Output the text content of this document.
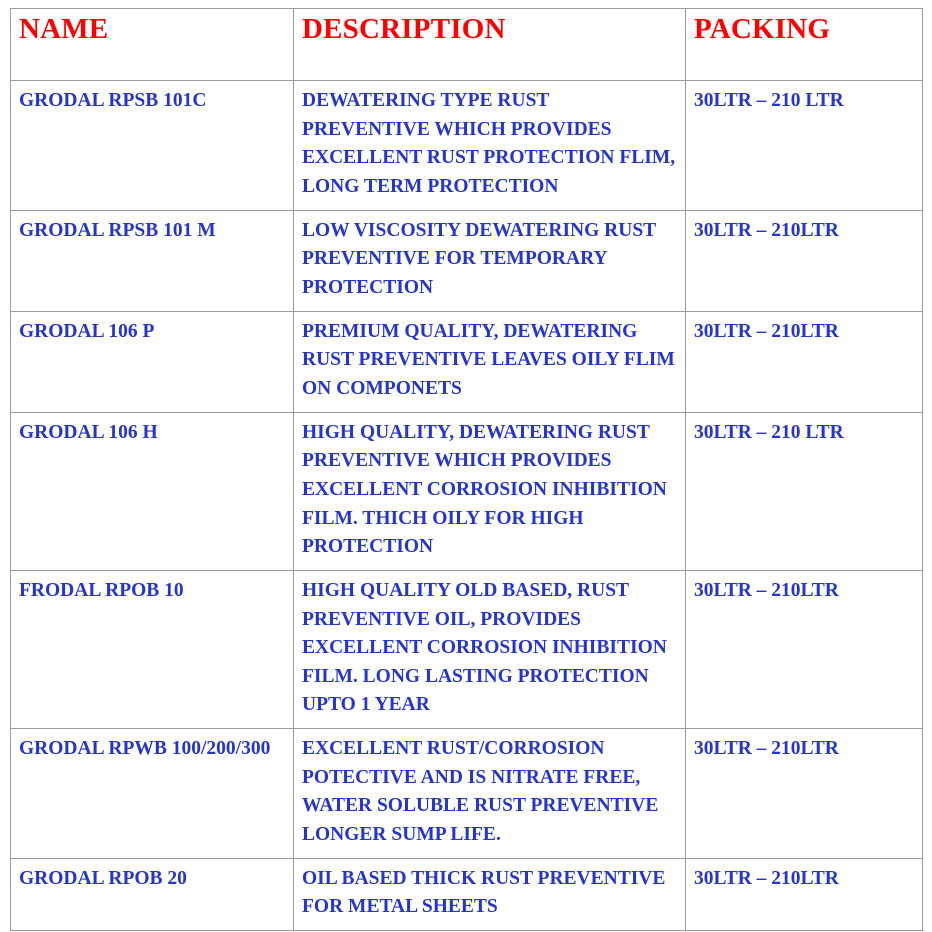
NAME	DESCRIPTION	PACKING
GRODAL RPSB 101C	DEWATERING TYPE RUST PREVENTIVE WHICH PROVIDES EXCELLENT RUST PROTECTION FLIM, LONG TERM PROTECTION	30LTR – 210 LTR
GRODAL RPSB 101 M	LOW VISCOSITY DEWATERING RUST PREVENTIVE FOR TEMPORARY PROTECTION	30LTR – 210LTR
GRODAL 106 P	PREMIUM QUALITY, DEWATERING RUST PREVENTIVE LEAVES OILY FLIM ON COMPONETS	30LTR – 210LTR
GRODAL 106 H	HIGH QUALITY, DEWATERING RUST PREVENTIVE WHICH PROVIDES EXCELLENT CORROSION INHIBITION FILM. THICH OILY FOR HIGH PROTECTION	30LTR – 210 LTR
FRODAL RPOB 10	HIGH QUALITY OLD BASED, RUST PREVENTIVE OIL, PROVIDES EXCELLENT CORROSION INHIBITION FILM. LONG LASTING PROTECTION UPTO 1 YEAR	30LTR – 210LTR
GRODAL RPWB 100/200/300	EXCELLENT RUST/CORROSION POTECTIVE AND IS NITRATE FREE, WATER SOLUBLE RUST PREVENTIVE LONGER SUMP LIFE.	30LTR – 210LTR
GRODAL RPOB 20	OIL BASED THICK RUST PREVENTIVE FOR METAL SHEETS	30LTR – 210LTR
